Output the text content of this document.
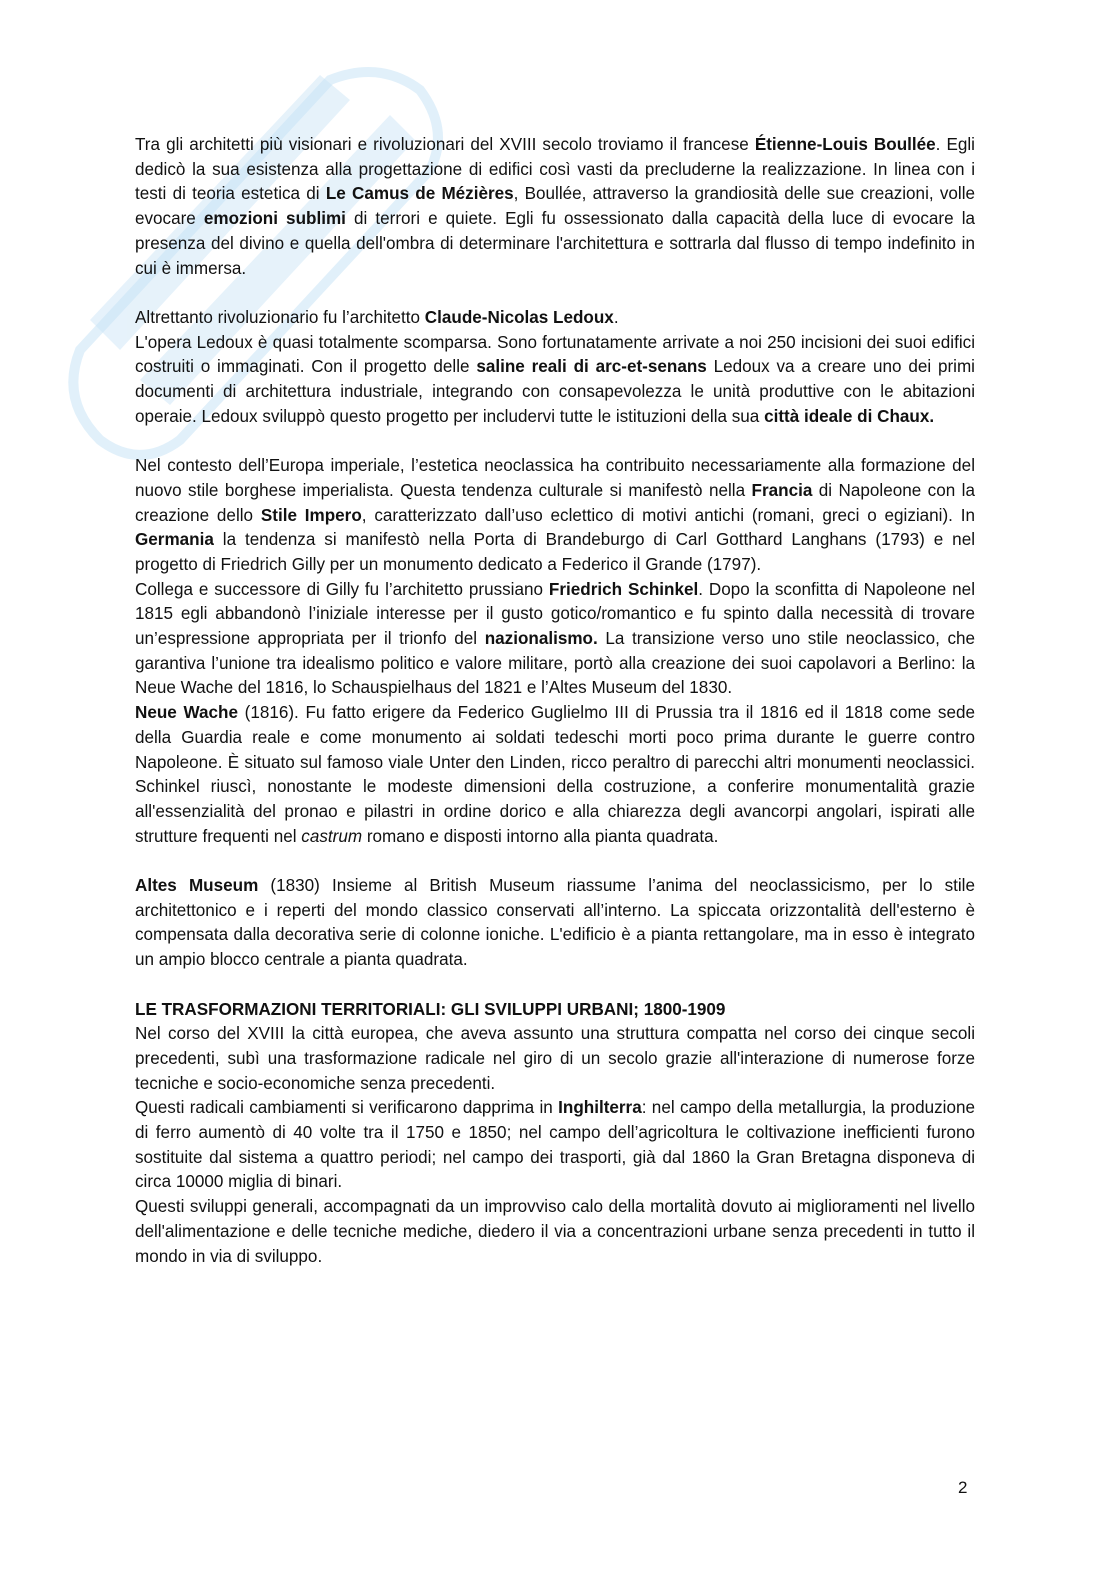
Tra gli architetti più visionari e rivoluzionari del XVIII secolo troviamo il francese Étienne-Louis Boullée. Egli dedicò la sua esistenza alla progettazione di edifici così vasti da precluderne la realizzazione. In linea con i testi di teoria estetica di Le Camus de Mézières, Boullée, attraverso la grandiosità delle sue creazioni, volle evocare emozioni sublimi di terrori e quiete. Egli fu ossessionato dalla capacità della luce di evocare la presenza del divino e quella dell'ombra di determinare l'architettura e sottrarla dal flusso di tempo indefinito in cui è immersa.

Altrettanto rivoluzionario fu l’architetto Claude-Nicolas Ledoux.

L'opera Ledoux è quasi totalmente scomparsa. Sono fortunatamente arrivate a noi 250 incisioni dei suoi edifici costruiti o immaginati. Con il progetto delle saline reali di arc-et-senans Ledoux va a creare uno dei primi documenti di architettura industriale, integrando con consapevolezza le unità produttive con le abitazioni operaie. Ledoux sviluppò questo progetto per includervi tutte le istituzioni della sua città ideale di Chaux.

Nel contesto dell’Europa imperiale, l’estetica neoclassica ha contribuito necessariamente alla formazione del nuovo stile borghese imperialista. Questa tendenza culturale si manifestò nella Francia di Napoleone con la creazione dello Stile Impero, caratterizzato dall’uso eclettico di motivi antichi (romani, greci o egiziani). In Germania la tendenza si manifestò nella Porta di Brandeburgo di Carl Gotthard Langhans (1793) e nel progetto di Friedrich Gilly per un monumento dedicato a Federico il Grande (1797).

Collega e successore di Gilly fu l’architetto prussiano Friedrich Schinkel. Dopo la sconfitta di Napoleone nel 1815 egli abbandonò l’iniziale interesse per il gusto gotico/romantico e fu spinto dalla necessità di trovare un’espressione appropriata per il trionfo del nazionalismo. La transizione verso uno stile neoclassico, che garantiva l’unione tra idealismo politico e valore militare, portò alla creazione dei suoi capolavori a Berlino: la Neue Wache del 1816, lo Schauspielhaus del 1821 e l’Altes Museum del 1830.

Neue Wache (1816). Fu fatto erigere da Federico Guglielmo III di Prussia tra il 1816 ed il 1818 come sede della Guardia reale e come monumento ai soldati tedeschi morti poco prima durante le guerre contro Napoleone. È situato sul famoso viale Unter den Linden, ricco peraltro di parecchi altri monumenti neoclassici. Schinkel riuscì, nonostante le modeste dimensioni della costruzione, a conferire monumentalità grazie all'essenzialità del pronao e pilastri in ordine dorico e alla chiarezza degli avancorpi angolari, ispirati alle strutture frequenti nel castrum romano e disposti intorno alla pianta quadrata.

Altes Museum (1830) Insieme al British Museum riassume l’anima del neoclassicismo, per lo stile architettonico e i reperti del mondo classico conservati all’interno. La spiccata orizzontalità dell'esterno è compensata dalla decorativa serie di colonne ioniche. L'edificio è a pianta rettangolare, ma in esso è integrato un ampio blocco centrale a pianta quadrata.

LE TRASFORMAZIONI TERRITORIALI: GLI SVILUPPI URBANI; 1800-1909

Nel corso del XVIII la città europea, che aveva assunto una struttura compatta nel corso dei cinque secoli precedenti, subì una trasformazione radicale nel giro di un secolo grazie all'interazione di numerose forze tecniche e socio-economiche senza precedenti.

Questi radicali cambiamenti si verificarono dapprima in Inghilterra: nel campo della metallurgia, la produzione di ferro aumentò di 40 volte tra il 1750 e 1850; nel campo dell’agricoltura le coltivazione inefficienti furono sostituite dal sistema a quattro periodi; nel campo dei trasporti, già dal 1860 la Gran Bretagna disponeva di circa 10000 miglia di binari.

Questi sviluppi generali, accompagnati da un improvviso calo della mortalità dovuto ai miglioramenti nel livello dell'alimentazione e delle tecniche mediche, diedero il via a concentrazioni urbane senza precedenti in tutto il mondo in via di sviluppo.

2
